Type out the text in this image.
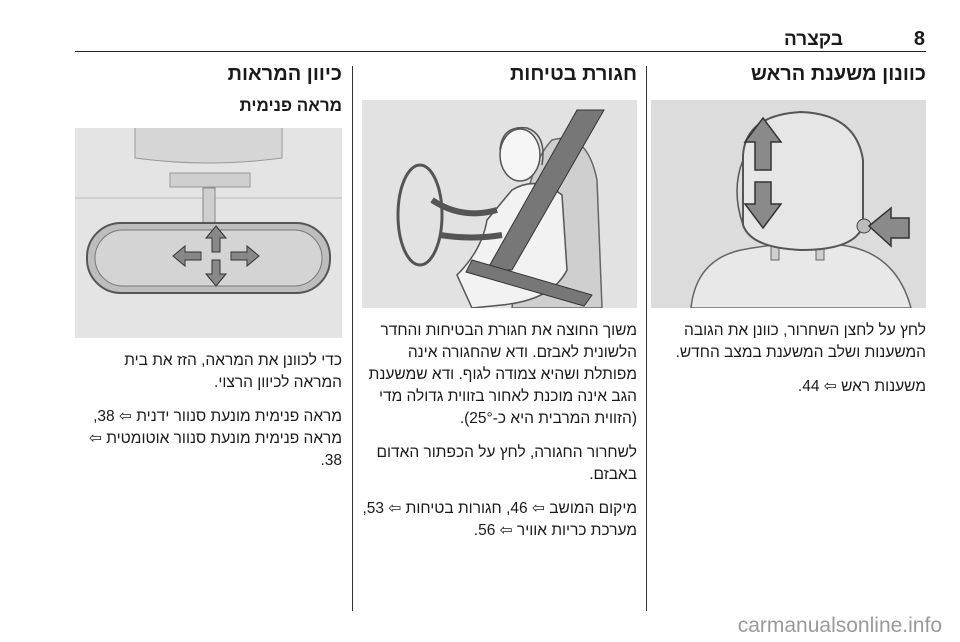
בקצרה	8
כוונון משענת הראש

לחץ על לחצן השחרור, כוונן את הגובה המשענות ושלב המשענת במצב החדש.

משענות ראש ⇦ 44.

חגורת בטיחות

משוך החוצה את חגורת הבטיחות והחדר הלשונית לאבזם. ודא שהחגורה אינה מפותלת ושהיא צמודה לגוף. ודא שמשענת הגב אינה מוכנת לאחור בזווית גדולה מדי (הזווית המרבית היא כ-25°).

לשחרור החגורה, לחץ על הכפתור האדום באבזם.

מיקום המושב ⇦ 46, חגורות בטיחות ⇦ 53, מערכת כריות אוויר ⇦ 56.

כיוון המראות
מראה פנימית

כדי לכוונן את המראה, הזז את בית המראה לכיוון הרצוי.

מראה פנימית מונעת סנוור ידנית ⇦ 38, מראה פנימית מונעת סנוור אוטומטית ⇦ 38.

carmanualsonline.info
